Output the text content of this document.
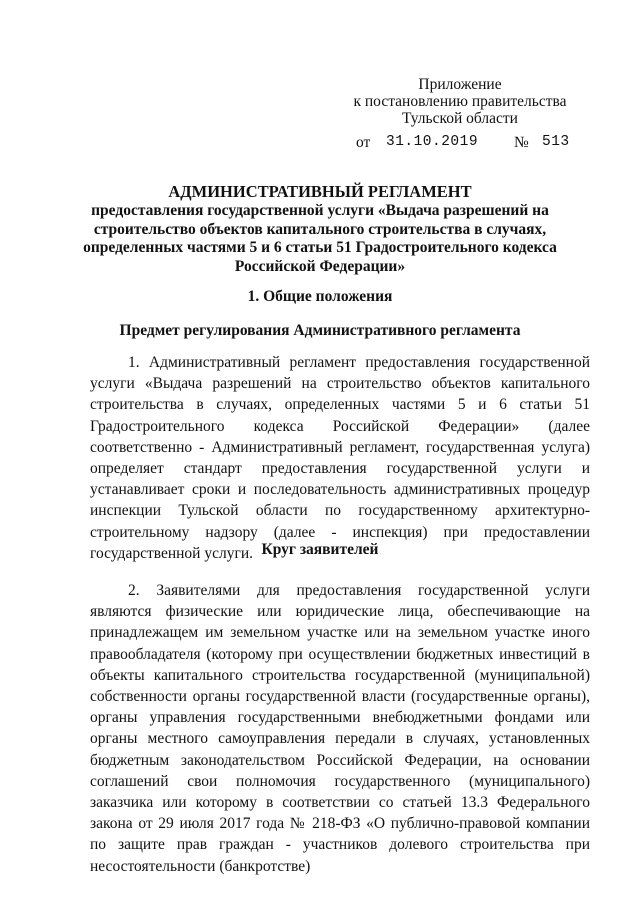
Приложение
к постановлению правительства
Тульской области
от 31.10.2019 № 513
АДМИНИСТРАТИВНЫЙ РЕГЛАМЕНТ
предоставления государственной услуги «Выдача разрешений на строительство объектов капитального строительства в случаях, определенных частями 5 и 6 статьи 51 Градостроительного кодекса Российской Федерации»
1. Общие положения
Предмет регулирования Административного регламента
1. Административный регламент предоставления государственной услуги «Выдача разрешений на строительство объектов капитального строительства в случаях, определенных частями 5 и 6 статьи 51 Градостроительного кодекса Российской Федерации» (далее соответственно - Административный регламент, государственная услуга) определяет стандарт предоставления государственной услуги и устанавливает сроки и последовательность административных процедур инспекции Тульской области по государственному архитектурно-строительному надзору (далее - инспекция) при предоставлении государственной услуги. Круг заявителей
2. Заявителями для предоставления государственной услуги являются физические или юридические лица, обеспечивающие на принадлежащем им земельном участке или на земельном участке иного правообладателя (которому при осуществлении бюджетных инвестиций в объекты капитального строительства государственной (муниципальной) собственности органы государственной власти (государственные органы), органы управления государственными внебюджетными фондами или органы местного самоуправления передали в случаях, установленных бюджетным законодательством Российской Федерации, на основании соглашений свои полномочия государственного (муниципального) заказчика или которому в соответствии со статьей 13.3 Федерального закона от 29 июля 2017 года № 218-ФЗ «О публично-правовой компании по защите прав граждан - участников долевого строительства при несостоятельности (банкротстве)
